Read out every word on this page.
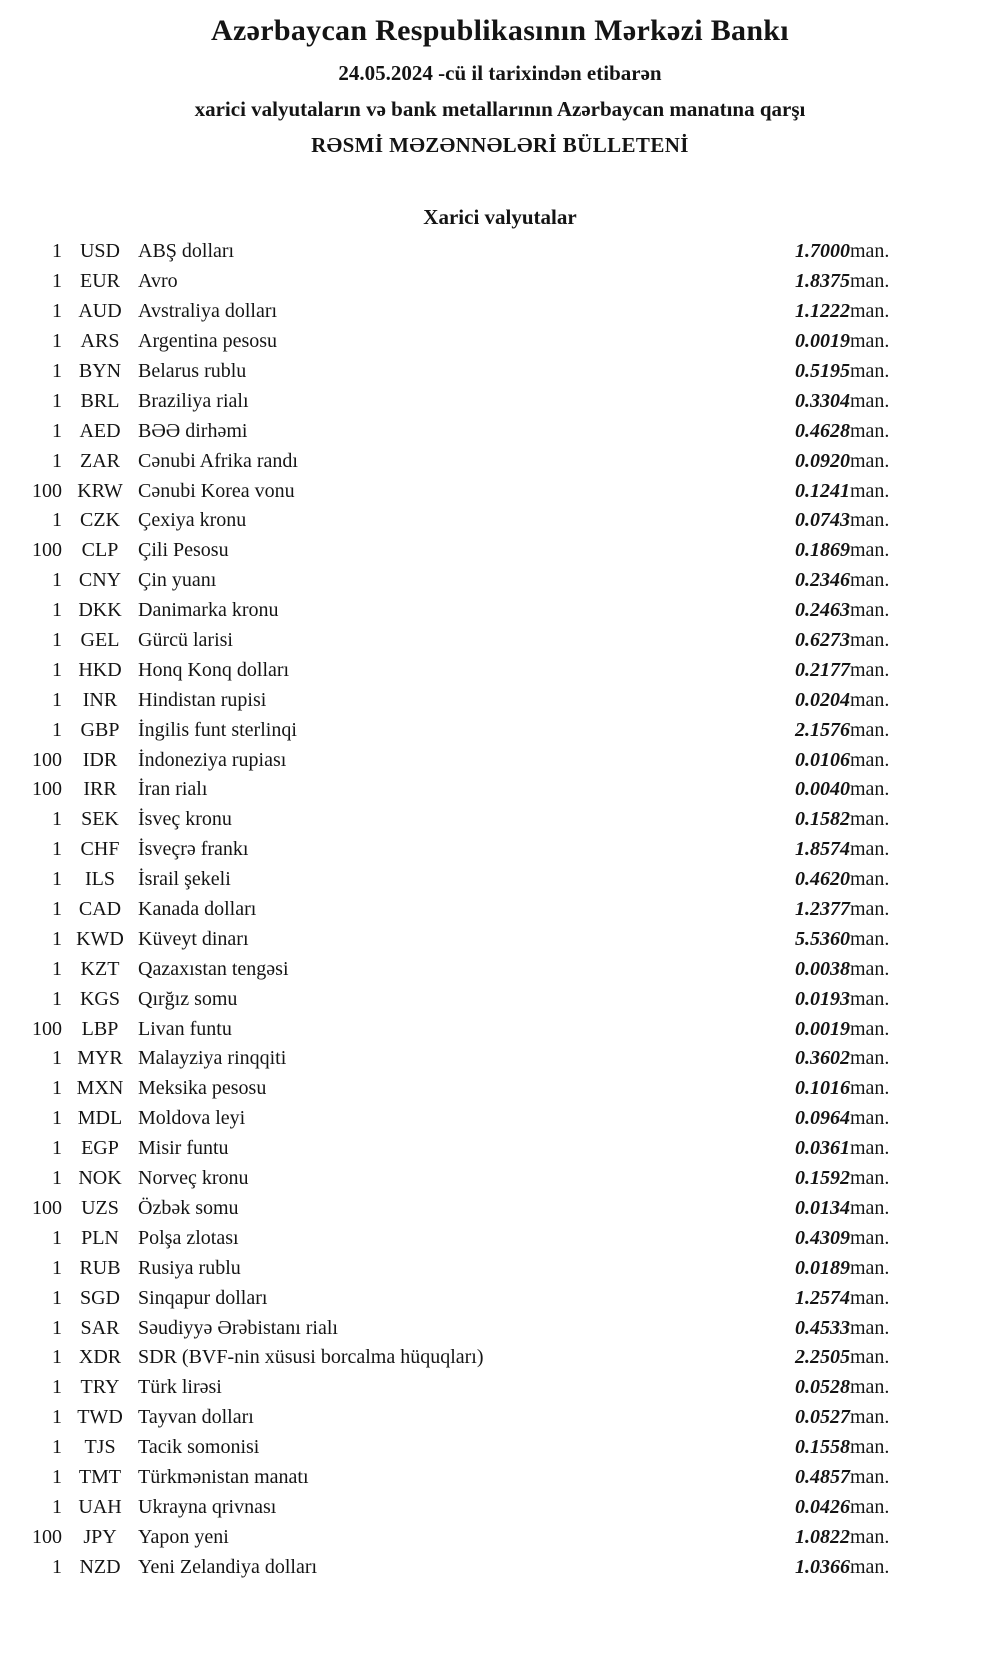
Azərbaycan Respublikasının Mərkəzi Bankı

24.05.2024 -cü il tarixindən etibarən

xarici valyutaların və bank metallarının Azərbaycan manatına qarşı

RƏSMİ MƏZƏNNƏLƏRİ BÜLLETENİ

Xarici valyutalar
1	USD	ABŞ dolları	1.7000	man.
1	EUR	Avro	1.8375	man.
1	AUD	Avstraliya dolları	1.1222	man.
1	ARS	Argentina pesosu	0.0019	man.
1	BYN	Belarus rublu	0.5195	man.
1	BRL	Braziliya rialı	0.3304	man.
1	AED	BƏƏ dirhəmi	0.4628	man.
1	ZAR	Cənubi Afrika randı	0.0920	man.
100	KRW	Cənubi Korea vonu	0.1241	man.
1	CZK	Çexiya kronu	0.0743	man.
100	CLP	Çili Pesosu	0.1869	man.
1	CNY	Çin yuanı	0.2346	man.
1	DKK	Danimarka kronu	0.2463	man.
1	GEL	Gürcü larisi	0.6273	man.
1	HKD	Honq Konq dolları	0.2177	man.
1	INR	Hindistan rupisi	0.0204	man.
1	GBP	İngilis funt sterlinqi	2.1576	man.
100	IDR	İndoneziya rupiası	0.0106	man.
100	IRR	İran rialı	0.0040	man.
1	SEK	İsveç kronu	0.1582	man.
1	CHF	İsveçrə frankı	1.8574	man.
1	ILS	İsrail şekeli	0.4620	man.
1	CAD	Kanada dolları	1.2377	man.
1	KWD	Küveyt dinarı	5.5360	man.
1	KZT	Qazaxıstan tengəsi	0.0038	man.
1	KGS	Qırğız somu	0.0193	man.
100	LBP	Livan funtu	0.0019	man.
1	MYR	Malayziya rinqqiti	0.3602	man.
1	MXN	Meksika pesosu	0.1016	man.
1	MDL	Moldova leyi	0.0964	man.
1	EGP	Misir funtu	0.0361	man.
1	NOK	Norveç kronu	0.1592	man.
100	UZS	Özbək somu	0.0134	man.
1	PLN	Polşa zlotası	0.4309	man.
1	RUB	Rusiya rublu	0.0189	man.
1	SGD	Sinqapur dolları	1.2574	man.
1	SAR	Səudiyyə Ərəbistanı rialı	0.4533	man.
1	XDR	SDR (BVF-nin xüsusi borcalma hüquqları)	2.2505	man.
1	TRY	Türk lirəsi	0.0528	man.
1	TWD	Tayvan dolları	0.0527	man.
1	TJS	Tacik somonisi	0.1558	man.
1	TMT	Türkmənistan manatı	0.4857	man.
1	UAH	Ukrayna qrivnası	0.0426	man.
100	JPY	Yapon yeni	1.0822	man.
1	NZD	Yeni Zelandiya dolları	1.0366	man.
